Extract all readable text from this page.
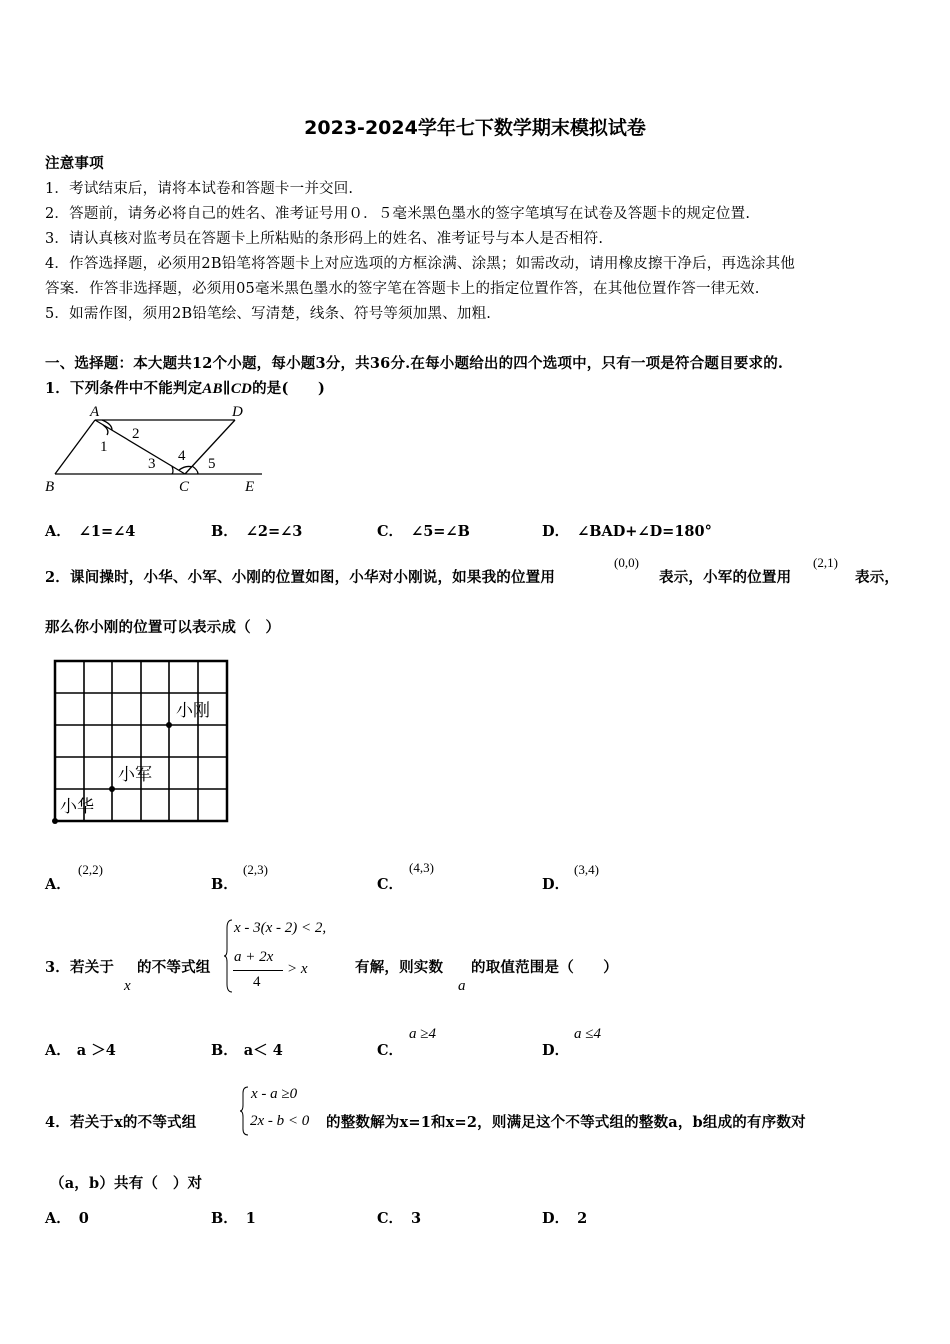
2023-2024学年七下数学期末模拟试卷
注意事项
1．考试结束后，请将本试卷和答题卡一并交回.
2．答题前，请务必将自己的姓名、准考证号用０．５毫米黑色墨水的签字笔填写在试卷及答题卡的规定位置.
3．请认真核对监考员在答题卡上所粘贴的条形码上的姓名、准考证号与本人是否相符.
4．作答选择题，必须用2B铅笔将答题卡上对应选项的方框涂满、涂黑；如需改动，请用橡皮擦干净后，再选涂其他
答案．作答非选择题，必须用05毫米黑色墨水的签字笔在答题卡上的指定位置作答，在其他位置作答一律无效.
5．如需作图，须用2B铅笔绘、写清楚，线条、符号等须加黑、加粗.
一、选择题：本大题共12个小题，每小题3分，共36分.在每小题给出的四个选项中，只有一项是符合题目要求的.
1．下列条件中不能判定AB∥CD的是(　　)
A	D
B	C	E
1
2
3 4 5
A． ∠1=∠4	B． ∠2=∠3	C． ∠5=∠B	D． ∠BAD+∠D=180°
2．课间操时，小华、小军、小刚的位置如图，小华对小刚说，如果我的位置用
(0,0)
表示，小军的位置用
(2,1)
表示，
那么你小刚的位置可以表示成（　）
小刚
小军
小华
A．
(2,2)
B．
(2,3)
C．
(4,3)
D．
(3,4)
3．若关于
x
的不等式组
x - 3(x - 2) < 2,
a + 2x
4
> x	有解，则实数
a
的取值范围是（　　）
A． a ＞4	B． a＜ 4	C．
a ≥4
D．
a ≤4
4．若关于x的不等式组
x - a ≥0
2x - b < 0 的整数解为x=1和x=2，则满足这个不等式组的整数a，b组成的有序数对
（a，b）共有（　）对
A． 0	B． 1	C． 3	D． 2
